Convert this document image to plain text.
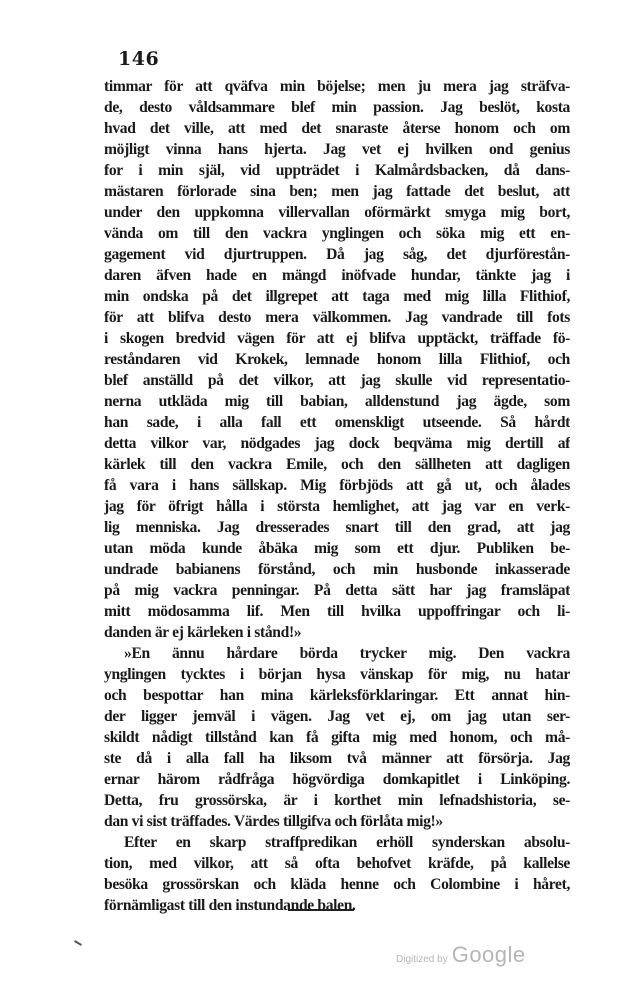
146
timmar för att qväfva min böjelse; men ju mera jag sträfva-
de, desto våldsammare blef min passion. Jag beslöt, kosta
hvad det ville, att med det snaraste återse honom och om
möjligt vinna hans hjerta. Jag vet ej hvilken ond genius
for i min själ, vid uppträdet i Kalmårdsbacken, då dans-
mästaren förlorade sina ben; men jag fattade det beslut, att
under den uppkomna villervallan oförmärkt smyga mig bort,
vända om till den vackra ynglingen och söka mig ett en-
gagement vid djurtruppen. Då jag såg, det djurförestån-
daren äfven hade en mängd inöfvade hundar, tänkte jag i
min ondska på det illgrepet att taga med mig lilla Flithiof,
för att blifva desto mera välkommen. Jag vandrade till fots
i skogen bredvid vägen för att ej blifva upptäckt, träffade fö-
reståndaren vid Krokek, lemnade honom lilla Flithiof, och
blef anställd på det vilkor, att jag skulle vid representatio-
nerna utkläda mig till babian, alldenstund jag ägde, som
han sade, i alla fall ett omenskligt utseende. Så hårdt
detta vilkor var, nödgades jag dock beqväma mig dertill af
kärlek till den vackra Emile, och den sällheten att dagligen
få vara i hans sällskap. Mig förbjöds att gå ut, och ålades
jag för öfrigt hålla i största hemlighet, att jag var en verk-
lig menniska. Jag dresserades snart till den grad, att jag
utan möda kunde åbäka mig som ett djur. Publiken be-
undrade babianens förstånd, och min husbonde inkasserade
på mig vackra penningar. På detta sätt har jag framsläpat
mitt mödosamma lif. Men till hvilka uppoffringar och li-
danden är ej kärleken i stånd!»
»En ännu hårdare börda trycker mig. Den vackra
ynglingen tycktes i början hysa vänskap för mig, nu hatar
och bespottar han mina kärleksförklaringar. Ett annat hin-
der ligger jemväl i vägen. Jag vet ej, om jag utan ser-
skildt nådigt tillstånd kan få gifta mig med honom, och må-
ste då i alla fall ha liksom två männer att försörja. Jag
ernar härom rådfråga högvördiga domkapitlet i Linköping.
Detta, fru grossörska, är i korthet min lefnadshistoria, se-
dan vi sist träffades. Värdes tillgifva och förlåta mig!»
Efter en skarp straffpredikan erhöll synderskan absolu-
tion, med vilkor, att så ofta behofvet kräfde, på kallelse
besöka grossörskan och kläda henne och Colombine i håret,
förnämligast till den instundande balen.
Digitized by Google
